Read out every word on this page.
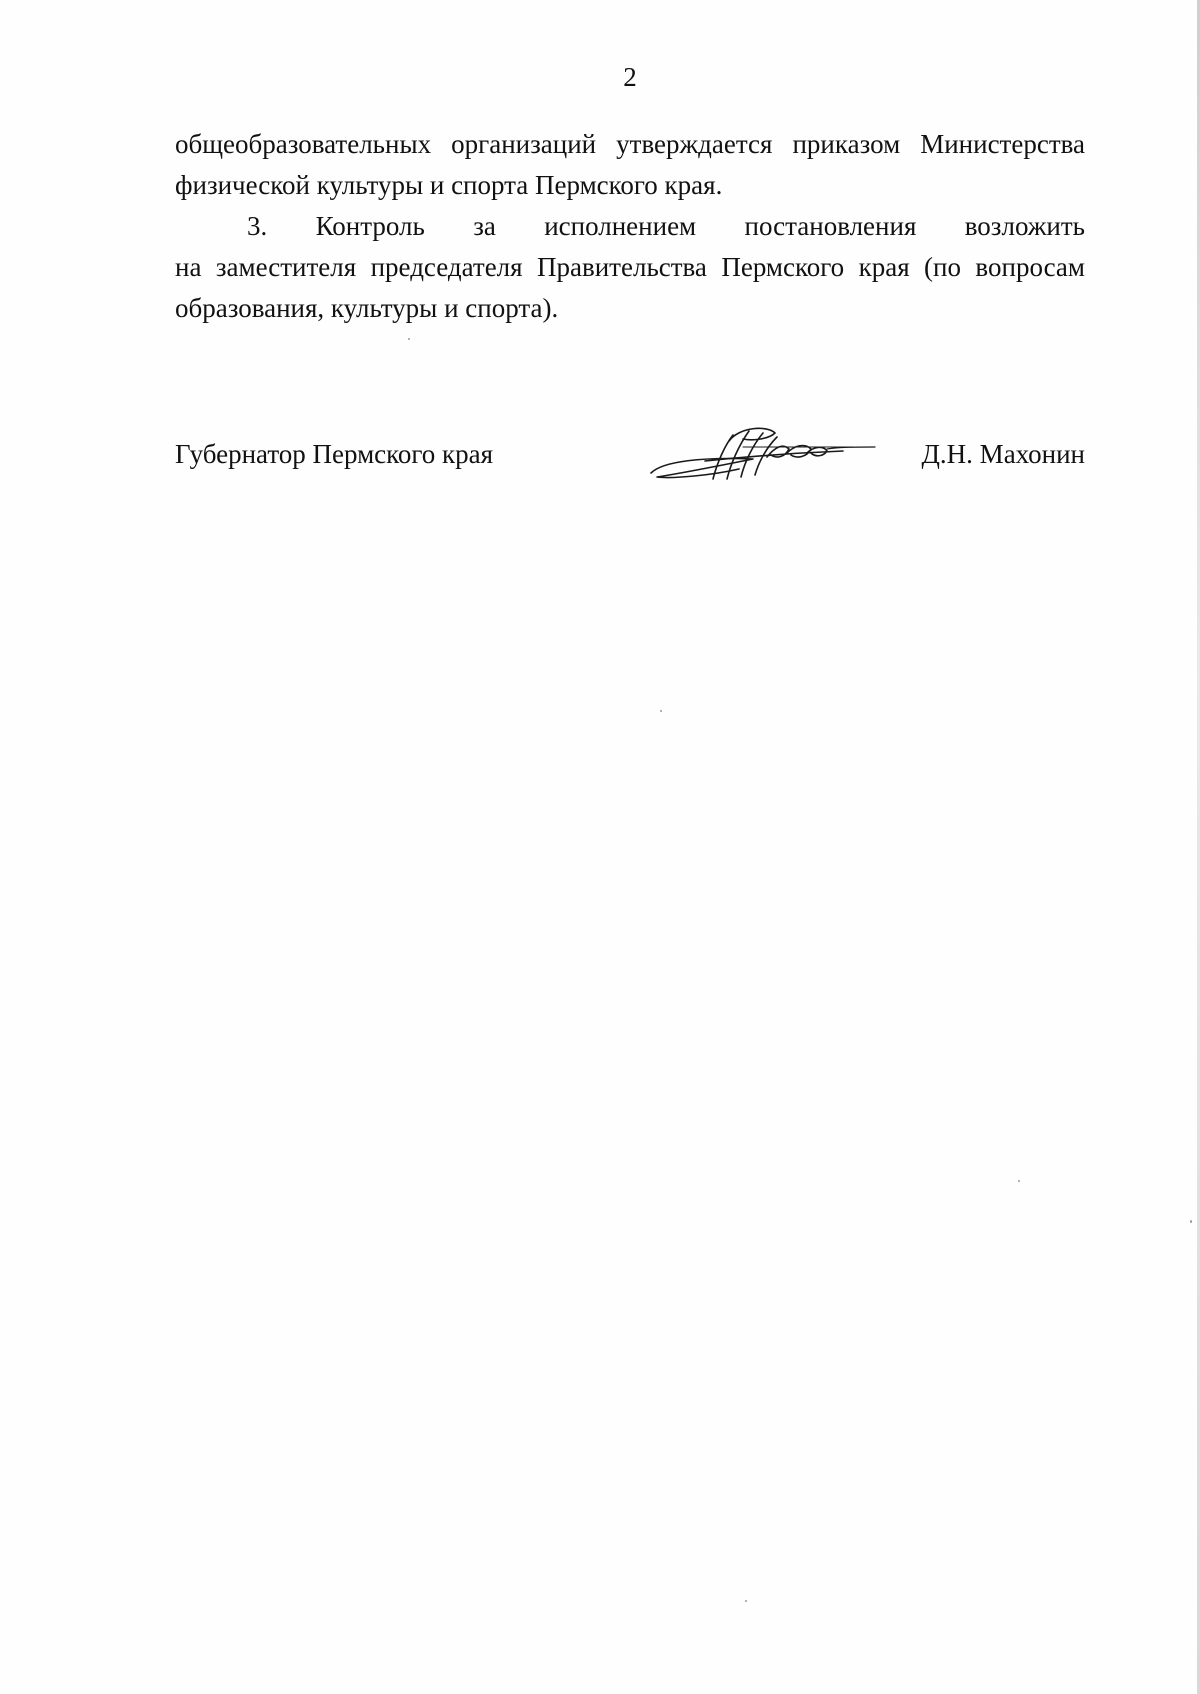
2

общеобразовательных организаций утверждается приказом Министерства
физической культуры и спорта Пермского края.

3. Контроль за исполнением постановления возложить
на заместителя председателя Правительства Пермского края (по вопросам
образования, культуры и спорта).

Губернатор Пермского края	Д.Н. Махонин
